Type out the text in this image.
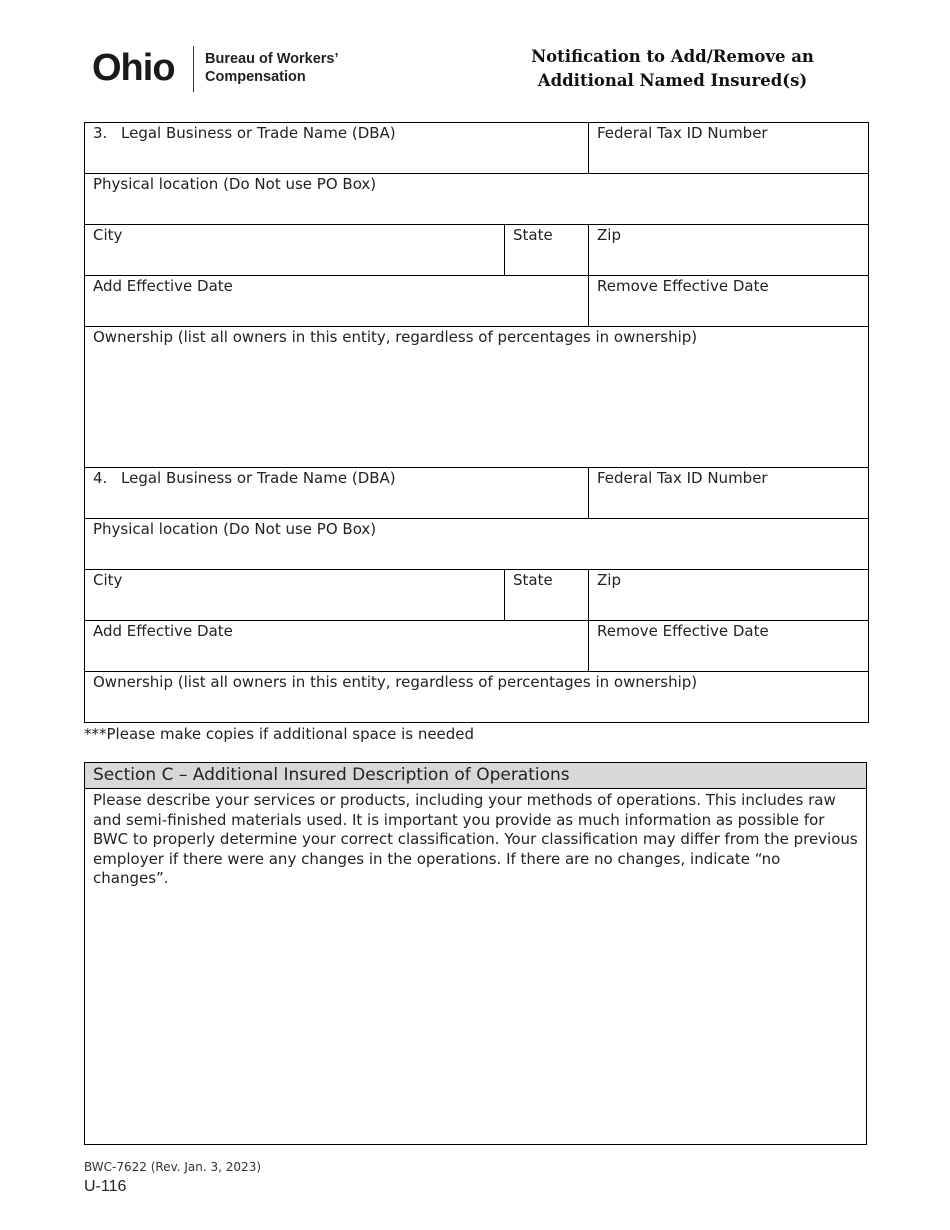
Ohio Bureau of Workers’
Compensation
Notification to Add/Remove an
Additional Named Insured(s)
3. Legal Business or Trade Name (DBA)	Federal Tax ID Number
Physical location (Do Not use PO Box)
City	State	Zip
Add Effective Date	Remove Effective Date
Ownership (list all owners in this entity, regardless of percentages in ownership)
4. Legal Business or Trade Name (DBA)	Federal Tax ID Number
Physical location (Do Not use PO Box)
City	State	Zip
Add Effective Date	Remove Effective Date
Ownership (list all owners in this entity, regardless of percentages in ownership)
***Please make copies if additional space is needed
Section C – Additional Insured Description of Operations
Please describe your services or products, including your methods of operations. This includes raw and semi-finished materials used. It is important you provide as much information as possible for BWC to properly determine your correct classification. Your classification may differ from the previous employer if there were any changes in the operations. If there are no changes, indicate “no changes”.
BWC-7622 (Rev. Jan. 3, 2023)
U-116
